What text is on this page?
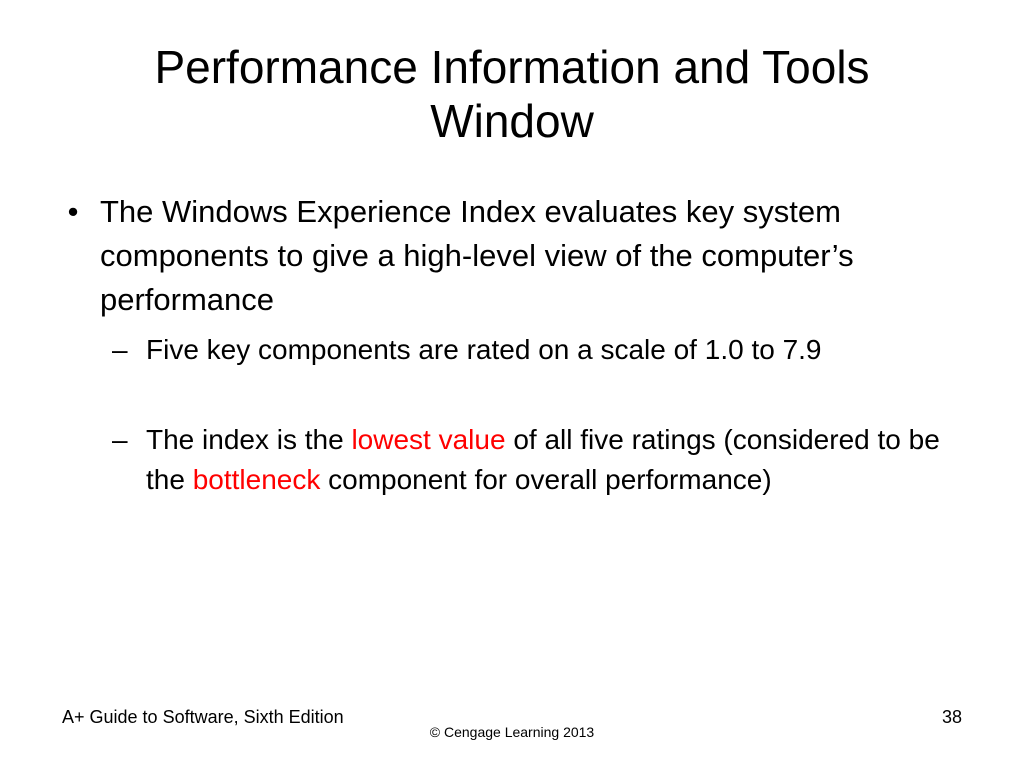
Performance Information and Tools
Window

• The Windows Experience Index evaluates key system components to give a high-level view of the computer’s performance

– Five key components are rated on a scale of 1.0 to 7.9

– The index is the lowest value of all five ratings (considered to be the bottleneck component for overall performance)

A+ Guide to Software, Sixth Edition
© Cengage Learning 2013
38
